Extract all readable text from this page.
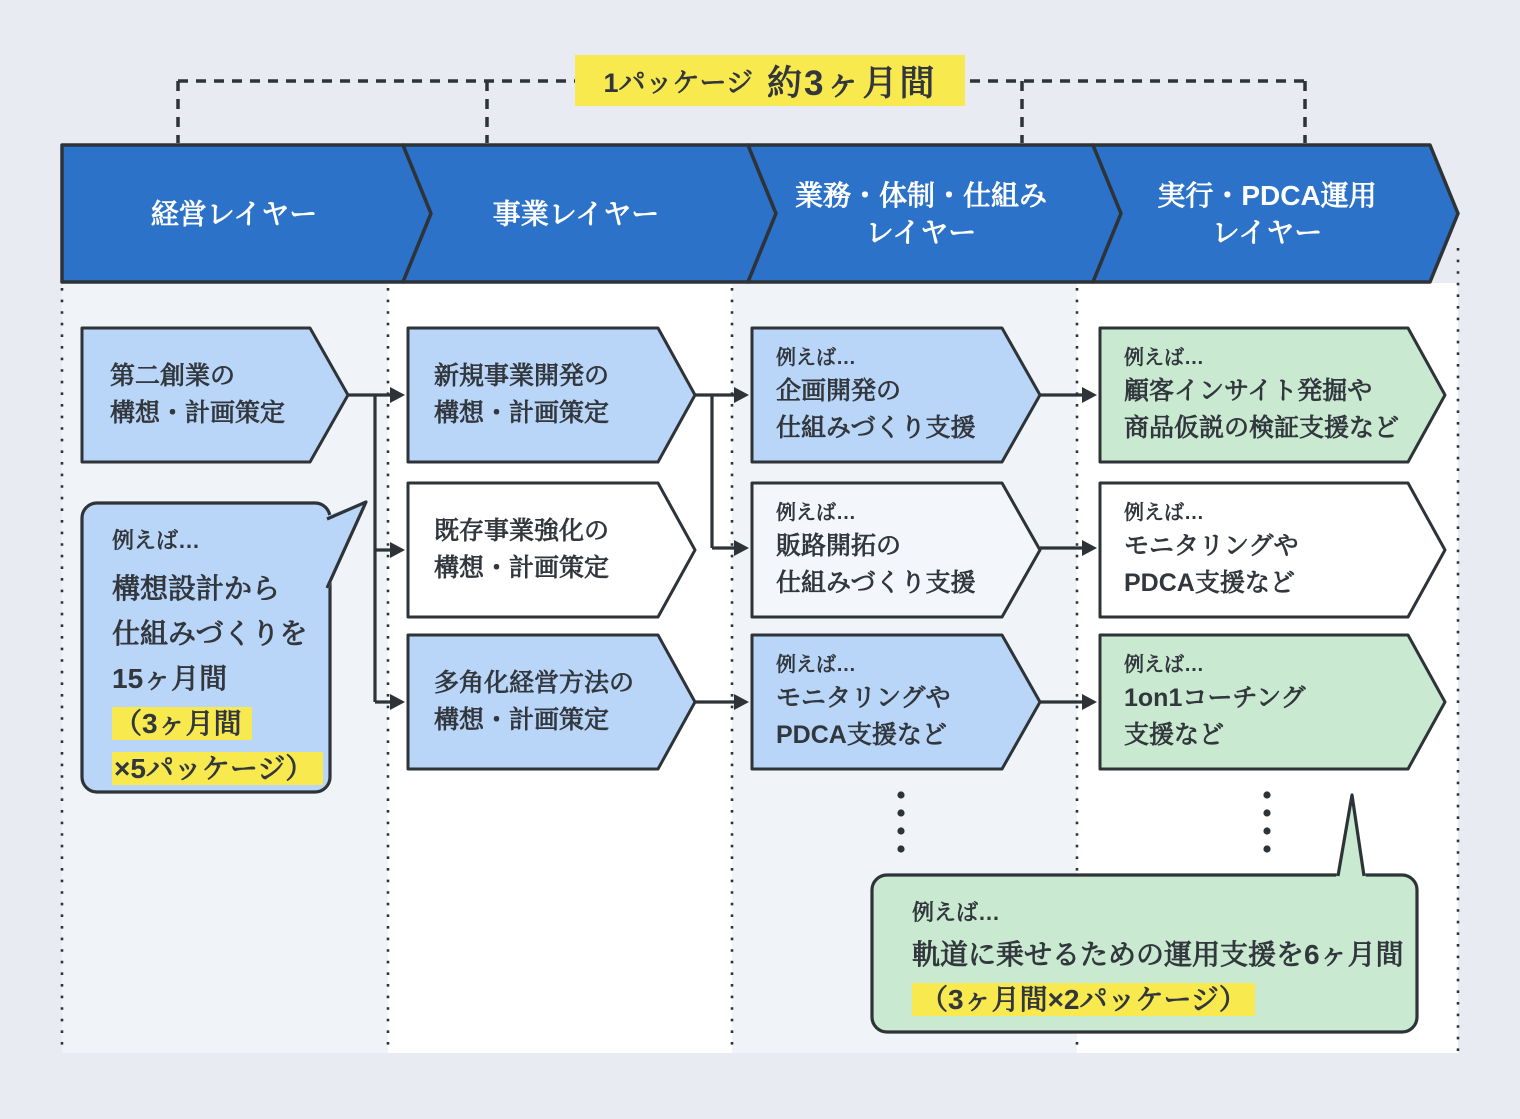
1パッケージ 約3ヶ月間
経営レイヤー	事業レイヤー
業務・体制・仕組み
レイヤー
実行・PDCA運用
レイヤー
第二創業の
構想・計画策定
新規事業開発の
構想・計画策定
既存事業強化の
構想・計画策定
多角化経営方法の
構想・計画策定
例えば…
企画開発の
仕組みづくり支援
例えば…
販路開拓の
仕組みづくり支援
例えば…
モニタリングや
PDCA支援など
例えば…
顧客インサイト発掘や
商品仮説の検証支援など
例えば…
モニタリングや
PDCA支援など
例えば…
1on1コーチング
支援など
例えば…
構想設計から
仕組みづくりを
15ヶ月間
（3ヶ月間
×5パッケージ）
例えば…
軌道に乗せるための運用支援を6ヶ月間
（3ヶ月間×2パッケージ）
